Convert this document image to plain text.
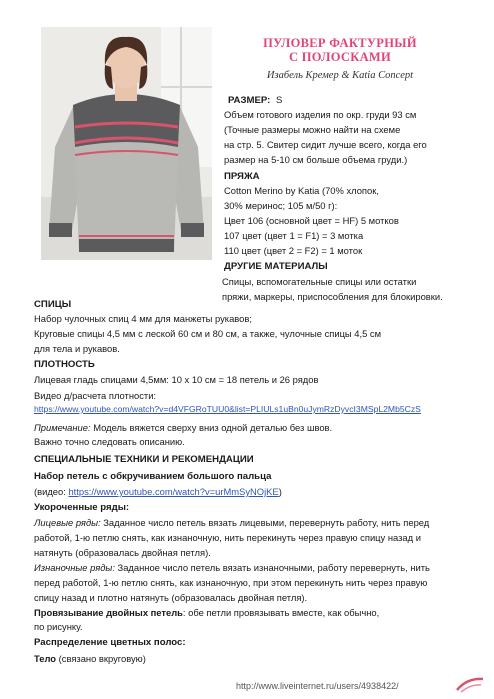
ПУЛОВЕР ФАКТУРНЫЙ
С ПОЛОСКАМИ
Изабель Кремер & Katia Concept
РАЗМЕР: S
Объем готового изделия по окр. груди 93 см
(Точные размеры можно найти на схеме
на стр. 5. Свитер сидит лучше всего, когда его
размер на 5-10 см больше объема груди.)
ПРЯЖА
Cotton Merino by Katia (70% хлопок,
30% меринос; 105 м/50 г):
Цвет 106 (основной цвет = HF) 5 мотков
107 цвет (цвет 1 = F1) = 3 мотка
110 цвет (цвет 2 = F2) = 1 моток
ДРУГИЕ МАТЕРИАЛЫ
Спицы, вспомогательные спицы или остатки
пряжи, маркеры, приспособления для блокировки.
СПИЦЫ
Набор чулочных спиц 4 мм для манжеты рукавов;
Круговые спицы 4,5 мм с леской 60 см и 80 см, а также, чулочные спицы 4,5 см
для тела и рукавов.
ПЛОТНОСТЬ
Лицевая гладь спицами 4,5мм: 10 х 10 см = 18 петель и 26 рядов
Видео д/расчета плотности:
https://www.youtube.com/watch?v=d4VFGRoTUU0&list=PLIULs1uBn0uJymRzDyvcI3MSpL2Mb5CzS
Примечание: Модель вяжется сверху вниз одной деталью без швов.
Важно точно следовать описанию.
СПЕЦИАЛЬНЫЕ ТЕХНИКИ И РЕКОМЕНДАЦИИ
Набор петель с обкручиванием большого пальца
(видео: https://www.youtube.com/watch?v=urMmSyNOjKE)
Укороченные ряды:
Лицевые ряды: Заданное число петель вязать лицевыми, перевернуть работу, нить перед
работой, 1-ю петлю снять, как изнаночную, нить перекинуть через правую спицу назад и
натянуть (образовалась двойная петля).
Изнаночные ряды: Заданное число петель вязать изнаночными, работу перевернуть, нить
перед работой, 1-ю петлю снять, как изнаночную, при этом перекинуть нить через правую
спицу назад и плотно натянуть (образовалась двойная петля).
Провязывание двойных петель: обе петли провязывать вместе, как обычно,
по рисунку.
Распределение цветных полос:
Тело (связано вкруговую)
http://www.liveinternet.ru/users/4938422/
